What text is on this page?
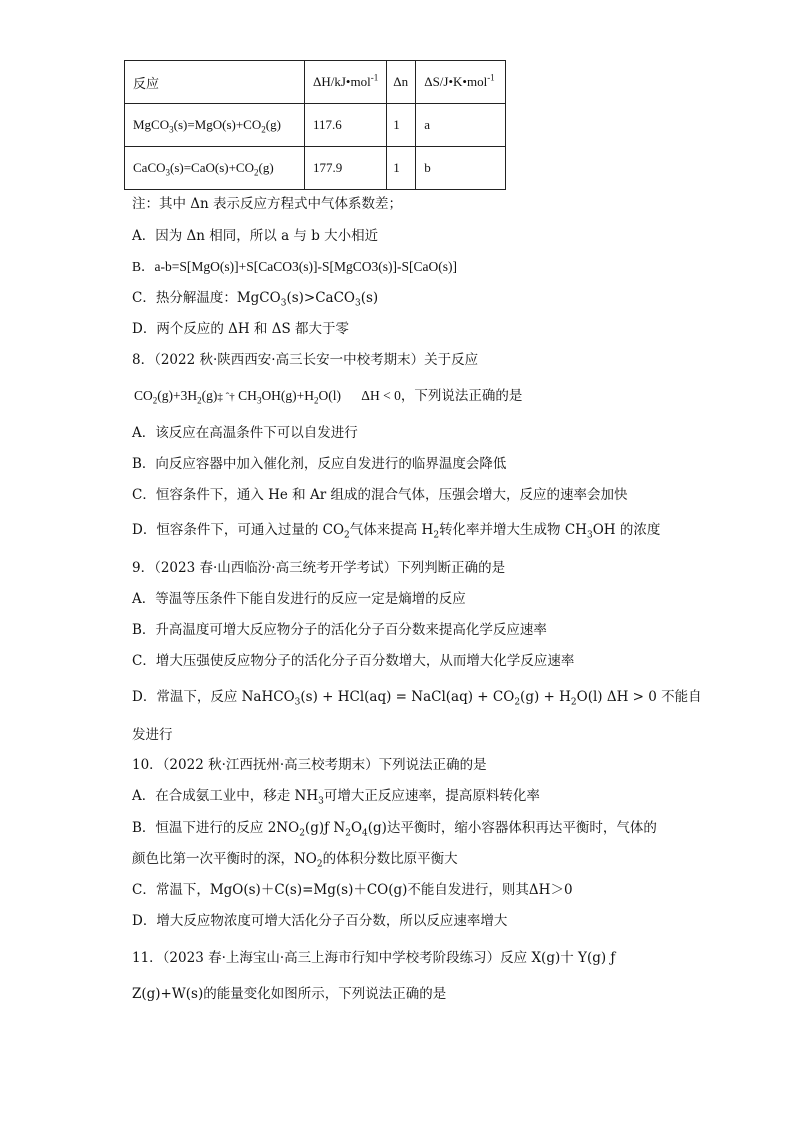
反应	ΔH/kJ•mol$^{-1}$	Δn	ΔS/J•K•mol$^{-1}$
$MgCO_3(s)=MgO(s)+CO_2(g)$	117.6	1	a
$CaCO_3(s)=CaO(s)+CO_2(g)$	177.9	1	b
注：其中 Δn 表示反应方程式中气体系数差；
A．因为 Δn 相同，所以 a 与 b 大小相近
B．a-b=S[MgO(s)]+S[CaCO3(s)]-S[MgCO3(s)]-S[CaO(s)]
C．热分解温度：MgCO$_3$(s)>CaCO$_3$(s)
D．两个反应的 ΔH 和 ΔS 都大于零
8．（2022 秋·陕西西安·高三长安一中校考期末）关于反应
$CO_2(g)+3H_2(g)\ddagger$ ˆ† $CH_3OH(g)+H_2O(l) \Delta H < 0$，下列说法正确的是
A．该反应在高温条件下可以自发进行
B．向反应容器中加入催化剂，反应自发进行的临界温度会降低
C．恒容条件下，通入 He 和 Ar 组成的混合气体，压强会增大，反应的速率会加快
D．恒容条件下，可通入过量的 $CO_2$气体来提高 $H_2$转化率并增大生成物 $CH_3OH$ 的浓度
9．（2023 春·山西临汾·高三统考开学考试）下列判断正确的是
A．等温等压条件下能自发进行的反应一定是熵增的反应
B．升高温度可增大反应物分子的活化分子百分数来提高化学反应速率
C．增大压强使反应物分子的活化分子百分数增大，从而增大化学反应速率
D．常温下，反应 NaHCO$_3$(s) + HCl(aq) = NaCl(aq) + $CO_2(g) + H_2O(l) \Delta H > 0$ 不能自
发进行
10．（2022 秋·江西抚州·高三校考期末）下列说法正确的是
A．在合成氨工业中，移走 $NH_3$可增大正反应速率，提高原料转化率
B．恒温下进行的反应 $2NO_2(g)ƒ$ $N_2O_4(g)$达平衡时，缩小容器体积再达平衡时，气体的
颜色比第一次平衡时的深，$NO_2$的体积分数比原平衡大
C．常温下，MgO(s)＋C(s)=Mg(s)＋CO(g)不能自发进行，则其ΔH＞0
D．增大反应物浓度可增大活化分子百分数，所以反应速率增大
11．（2023 春·上海宝山·高三上海市行知中学校考阶段练习）反应 X(g)十 Y(g) ƒ
Z(g)+W(s)的能量变化如图所示，下列说法正确的是
